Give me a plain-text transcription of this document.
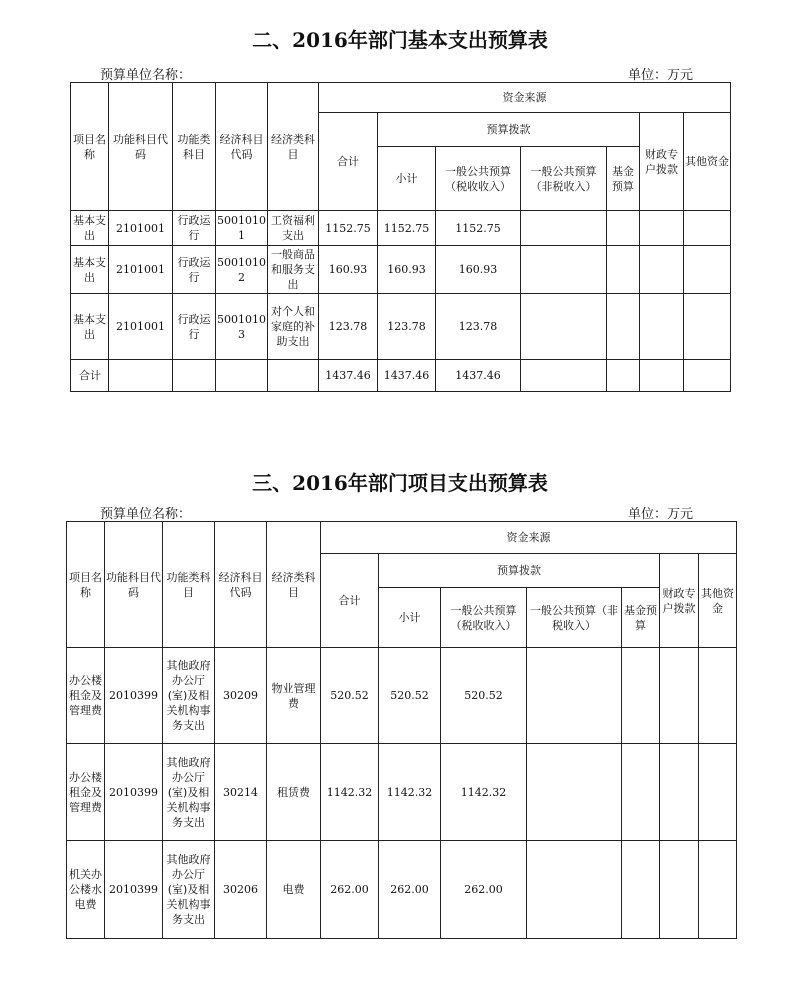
二、2016年部门基本支出预算表
预算单位名称：	单位：万元
项目名称	功能科目代码	功能类科目	经济科目代码	经济类科目	资金来源						
					合计	预算拨款				财政专户拨款	其他资金
						小计	一般公共预算（税收收入）	一般公共预算（非税收入）	基金预算		
基本支出	2101001	行政运行	50010101	工资福利支出	1152.75	1152.75	1152.75				
基本支出	2101001	行政运行	50010102	一般商品和服务支出	160.93	160.93	160.93				
基本支出	2101001	行政运行	50010103	对个人和家庭的补助支出	123.78	123.78	123.78				
合计					1437.46	1437.46	1437.46				
三、2016年部门项目支出预算表
预算单位名称：	单位：万元
项目名称	功能科目代码	功能类科目	经济科目代码	经济类科目	资金来源						
					合计	预算拨款				财政专户拨款	其他资金
						小计	一般公共预算（税收收入）	一般公共预算（非税收入）	基金预算		
办公楼租金及管理费	2010399	其他政府办公厅(室)及相关机构事务支出	30209	物业管理费	520.52	520.52	520.52				
办公楼租金及管理费	2010399	其他政府办公厅(室)及相关机构事务支出	30214	租赁费	1142.32	1142.32	1142.32				
机关办公楼水电费	2010399	其他政府办公厅(室)及相关机构事务支出	30206	电费	262.00	262.00	262.00				
